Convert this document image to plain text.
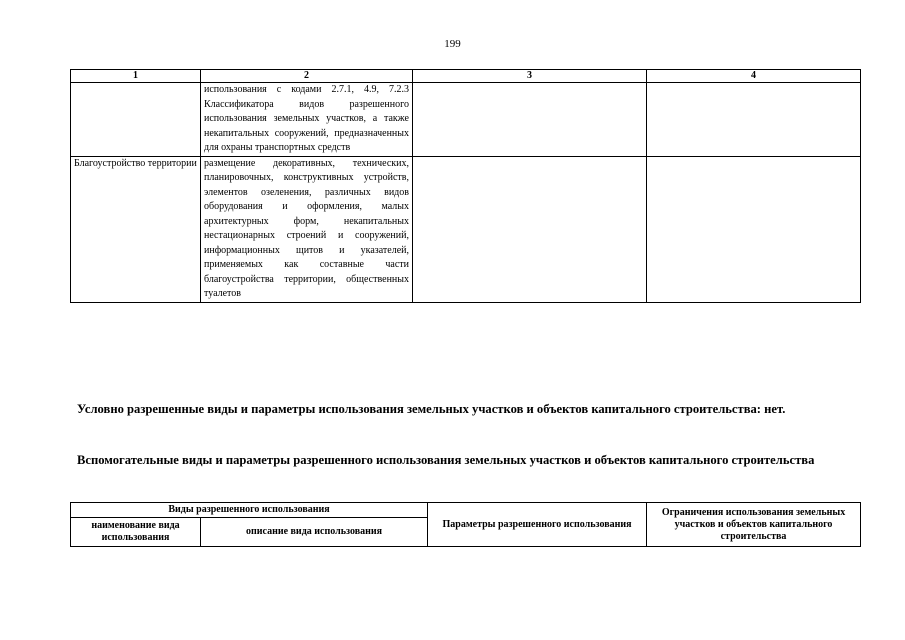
199
1	2	3	4

	использования с кодами 2.7.1, 4.9, 7.2.3 Классификатора видов разрешенного использования земельных участков, а также некапитальных сооружений, предназначенных для охраны транспортных средств		

Благоустройство территории	размещение декоративных, технических, планировочных, конструктивных устройств, элементов озеленения, различных видов оборудования и оформления, малых архитектурных форм, некапитальных нестационарных строений и сооружений, информационных щитов и указателей, применяемых как составные части благоустройства территории, общественных туалетов		

Условно разрешенные виды и параметры использования земельных участков и объектов капитального строительства: нет.
Вспомогательные виды и параметры разрешенного использования земельных участков и объектов капитального строительства
Виды разрешенного использования		Параметры разрешенного использования	Ограничения использования земельных участков и объектов капитального строительства
наименование вида использования	описание вида использования		
